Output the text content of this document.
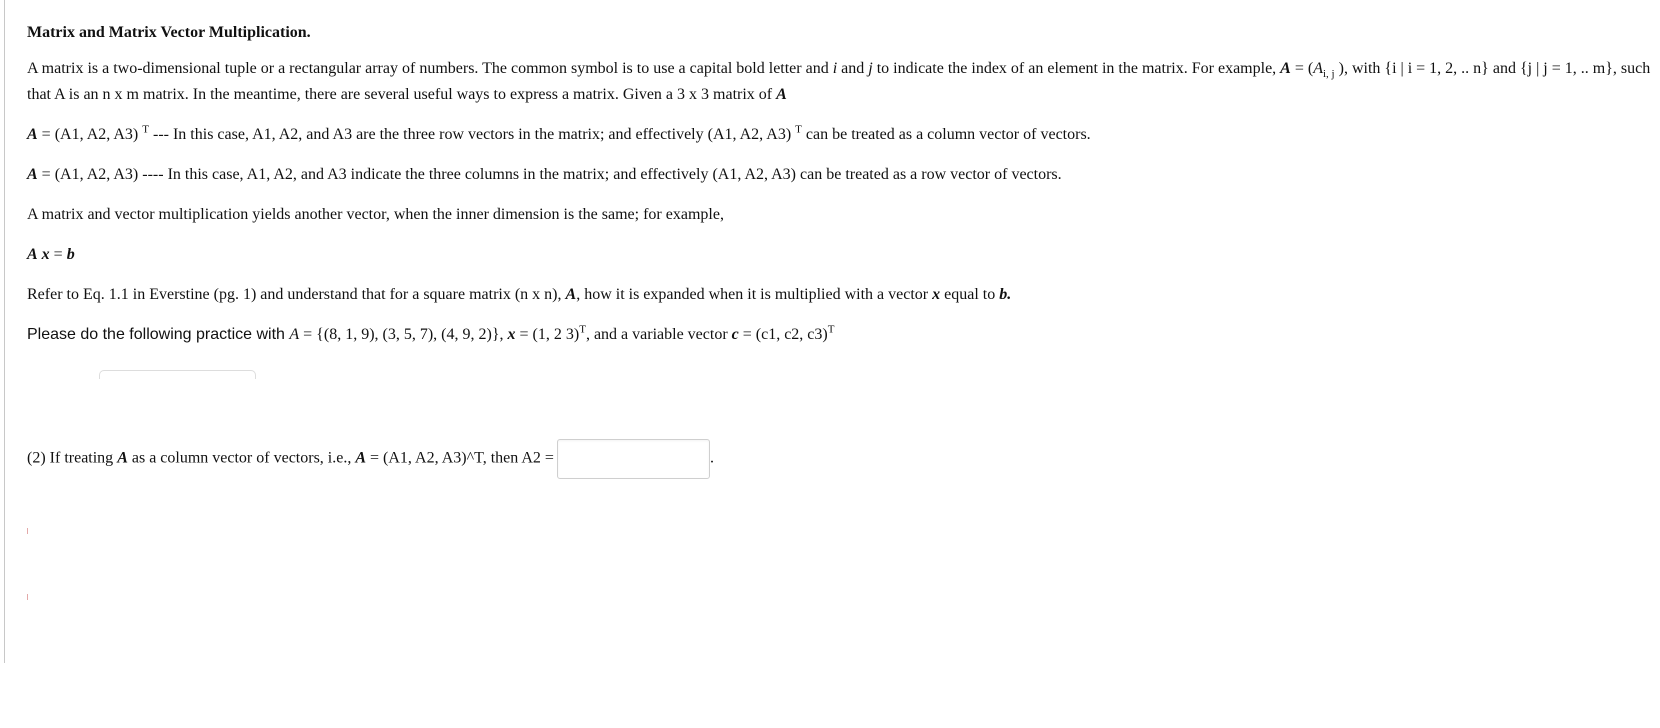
Matrix and Matrix Vector Multiplication.

A matrix is a two-dimensional tuple or a rectangular array of numbers. The common symbol is to use a capital bold letter and i and j to indicate the index of an element in the matrix. For example, $A = (A_{i, j}$ ), with {i | i = 1, 2, .. n} and {j | j = 1, .. m}, such that A is an n x m matrix. In the meantime, there are several useful ways to express a matrix. Given a 3 x 3 matrix of A

A = (A1, A2, A3) $^T$ --- In this case, A1, A2, and A3 are the three row vectors in the matrix; and effectively (A1, A2, A3) $^T$ can be treated as a column vector of vectors.

A = (A1, A2, A3) ---- In this case, A1, A2, and A3 indicate the three columns in the matrix; and effectively (A1, A2, A3) can be treated as a row vector of vectors.

A matrix and vector multiplication yields another vector, when the inner dimension is the same; for example,

A x = b

Refer to Eq. 1.1 in Everstine (pg. 1) and understand that for a square matrix (n x n), A, how it is expanded when it is multiplied with a vector x equal to b.

Please do the following practice with A = {(8, 1, 9), (3, 5, 7), (4, 9, 2)}, x = (1, 2 3)$^T$, and a variable vector c = (c1, c2, c3)$^T$

(2) If treating A as a column vector of vectors, i.e., A = (A1, A2, A3)^T, then A2 =	.
